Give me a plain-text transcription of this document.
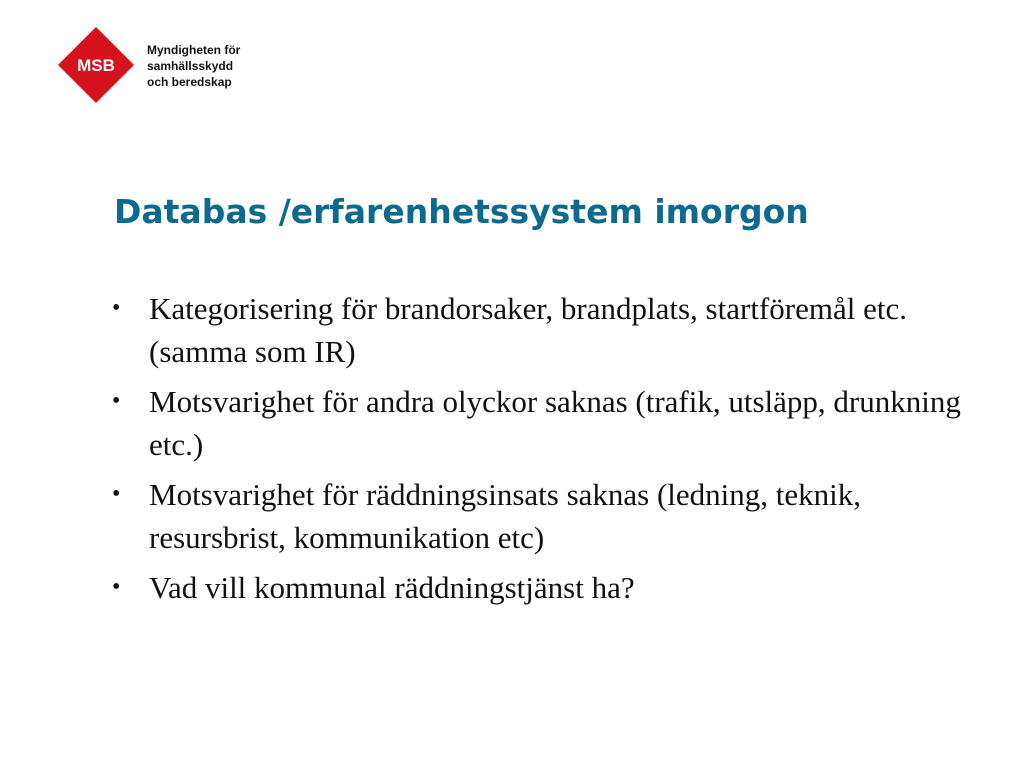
MSB
Myndigheten för
samhällsskydd
och beredskap
Databas /erfarenhetssystem imorgon
• Kategorisering för brandorsaker, brandplats, startföremål etc. (samma som IR)
• Motsvarighet för andra olyckor saknas (trafik, utsläpp, drunkning etc.)
• Motsvarighet för räddningsinsats saknas (ledning, teknik, resursbrist, kommunikation etc)
• Vad vill kommunal räddningstjänst ha?
